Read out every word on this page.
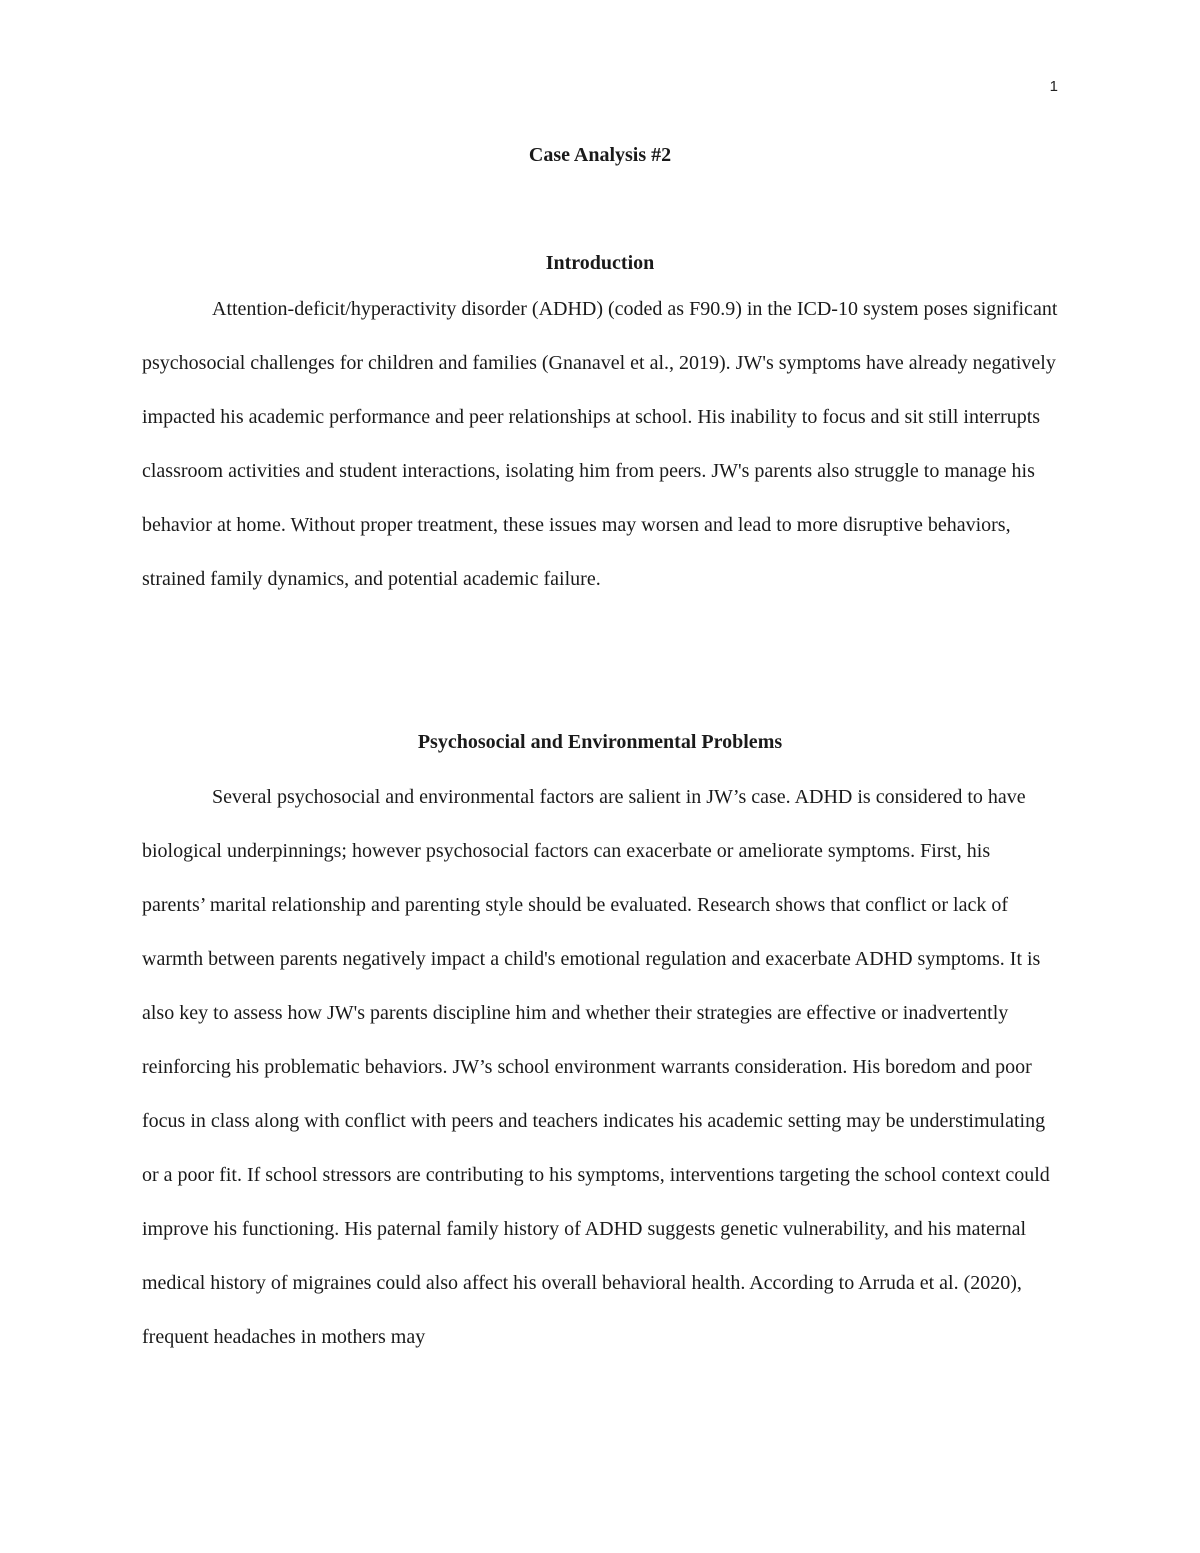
1
Case Analysis #2
Introduction

Attention-deficit/hyperactivity disorder (ADHD) (coded as F90.9) in the ICD-10 system poses significant psychosocial challenges for children and families (Gnanavel et al., 2019). JW's symptoms have already negatively impacted his academic performance and peer relationships at school. His inability to focus and sit still interrupts classroom activities and student interactions, isolating him from peers. JW's parents also struggle to manage his behavior at home. Without proper treatment, these issues may worsen and lead to more disruptive behaviors, strained family dynamics, and potential academic failure.

Psychosocial and Environmental Problems

Several psychosocial and environmental factors are salient in JW’s case. ADHD is considered to have biological underpinnings; however psychosocial factors can exacerbate or ameliorate symptoms. First, his parents’ marital relationship and parenting style should be evaluated. Research shows that conflict or lack of warmth between parents negatively impact a child's emotional regulation and exacerbate ADHD symptoms. It is also key to assess how JW's parents discipline him and whether their strategies are effective or inadvertently reinforcing his problematic behaviors. JW’s school environment warrants consideration. His boredom and poor focus in class along with conflict with peers and teachers indicates his academic setting may be understimulating or a poor fit. If school stressors are contributing to his symptoms, interventions targeting the school context could improve his functioning. His paternal family history of ADHD suggests genetic vulnerability, and his maternal medical history of migraines could also affect his overall behavioral health. According to Arruda et al. (2020), frequent headaches in mothers may
